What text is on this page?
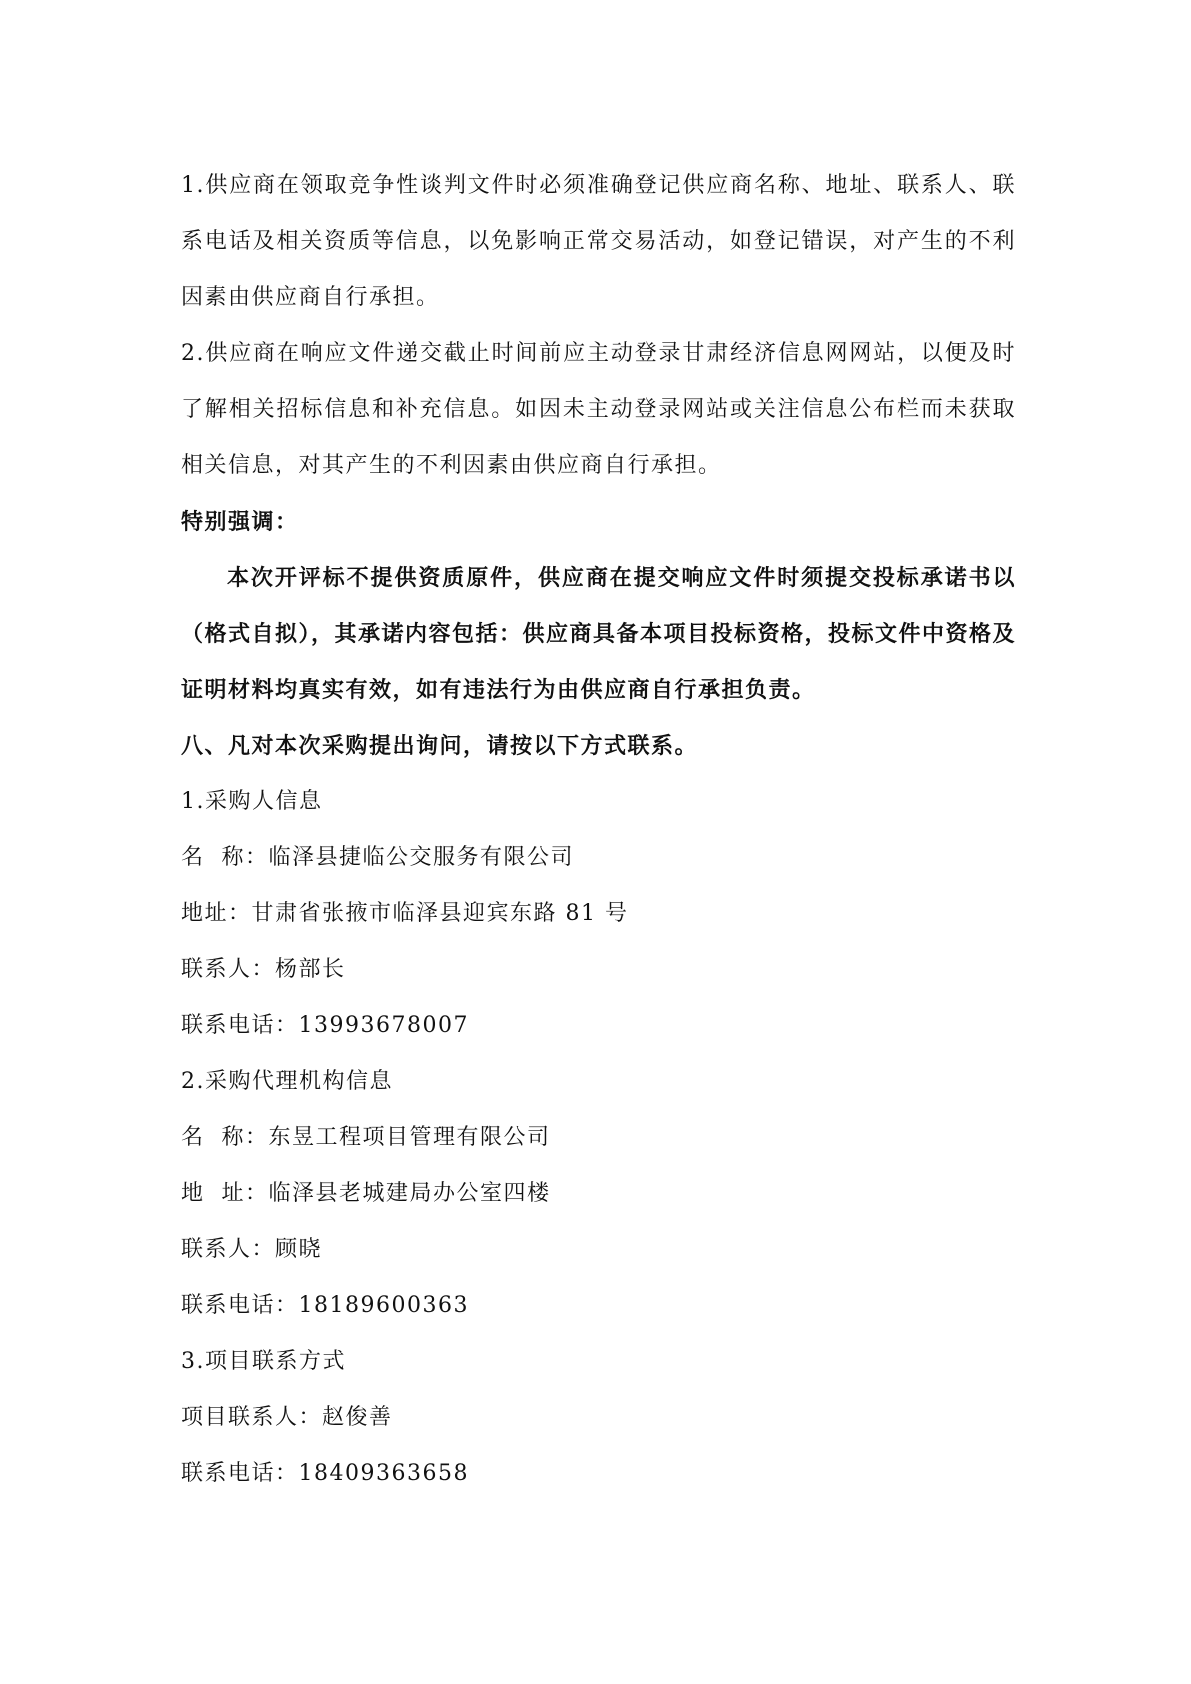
1.供应商在领取竞争性谈判文件时必须准确登记供应商名称、地址、联系人、联系电话及相关资质等信息，以免影响正常交易活动，如登记错误，对产生的不利因素由供应商自行承担。

2.供应商在响应文件递交截止时间前应主动登录甘肃经济信息网网站，以便及时了解相关招标信息和补充信息。如因未主动登录网站或关注信息公布栏而未获取相关信息，对其产生的不利因素由供应商自行承担。

特别强调：

本次开评标不提供资质原件，供应商在提交响应文件时须提交投标承诺书以（格式自拟），其承诺内容包括：供应商具备本项目投标资格，投标文件中资格及证明材料均真实有效，如有违法行为由供应商自行承担负责。

八、凡对本次采购提出询问，请按以下方式联系。

1.采购人信息

名  称：临泽县捷临公交服务有限公司

地址：甘肃省张掖市临泽县迎宾东路 81 号

联系人：杨部长

联系电话：13993678007

2.采购代理机构信息

名  称：东昱工程项目管理有限公司

地  址：临泽县老城建局办公室四楼

联系人：顾晓

联系电话：18189600363

3.项目联系方式

项目联系人：赵俊善

联系电话：18409363658
